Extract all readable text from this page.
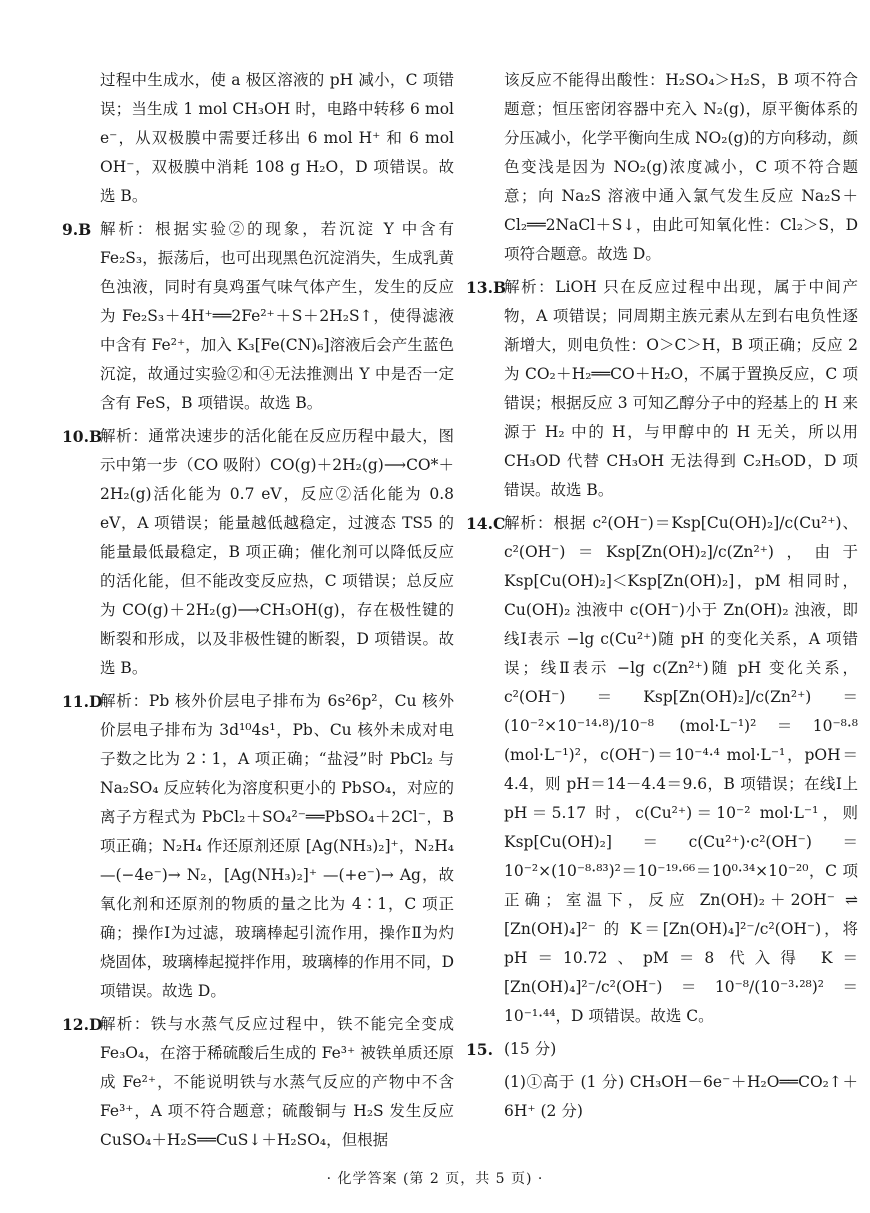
过程中生成水，使 a 极区溶液的 pH 减小，C 项错误；当生成 1 mol CH₃OH 时，电路中转移 6 mol e⁻，从双极膜中需要迁移出 6 mol H⁺ 和 6 mol OH⁻，双极膜中消耗 108 g H₂O，D 项错误。故选 B。

9.B 解析：根据实验②的现象，若沉淀 Y 中含有 Fe₂S₃，振荡后，也可出现黑色沉淀消失，生成乳黄色浊液，同时有臭鸡蛋气味气体产生，发生的反应为 Fe₂S₃＋4H⁺══2Fe²⁺＋S＋2H₂S↑，使得滤液中含有 Fe²⁺，加入 K₃[Fe(CN)₆]溶液后会产生蓝色沉淀，故通过实验②和④无法推测出 Y 中是否一定含有 FeS，B 项错误。故选 B。
10.B
解析：通常决速步的活化能在反应历程中最大，图示中第一步（CO 吸附）CO(g)＋2H₂(g)⟶CO*＋2H₂(g)活化能为 0.7 eV，反应②活化能为 0.8 eV，A 项错误；能量越低越稳定，过渡态 TS5 的能量最低最稳定，B 项正确；催化剂可以降低反应的活化能，但不能改变反应热，C 项错误；总反应为 CO(g)＋2H₂(g)⟶CH₃OH(g)，存在极性键的断裂和形成，以及非极性键的断裂，D 项错误。故选 B。
11.D
解析：Pb 核外价层电子排布为 6s²6p²，Cu 核外价层电子排布为 3d¹⁰4s¹，Pb、Cu 核外未成对电子数之比为 2∶1，A 项正确；“盐浸”时 PbCl₂ 与 Na₂SO₄ 反应转化为溶度积更小的 PbSO₄，对应的离子方程式为 PbCl₂＋SO₄²⁻══PbSO₄＋2Cl⁻，B 项正确；N₂H₄ 作还原剂还原 [Ag(NH₃)₂]⁺，N₂H₄ —(−4e⁻)→ N₂，[Ag(NH₃)₂]⁺ —(+e⁻)→ Ag，故氧化剂和还原剂的物质的量之比为 4∶1，C 项正确；操作Ⅰ为过滤，玻璃棒起引流作用，操作Ⅱ为灼烧固体，玻璃棒起搅拌作用，玻璃棒的作用不同，D 项错误。故选 D。
12.D
解析：铁与水蒸气反应过程中，铁不能完全变成 Fe₃O₄，在溶于稀硫酸后生成的 Fe³⁺ 被铁单质还原成 Fe²⁺，不能说明铁与水蒸气反应的产物中不含 Fe³⁺，A 项不符合题意；硫酸铜与 H₂S 发生反应 CuSO₄＋H₂S══CuS↓＋H₂SO₄，但根据

该反应不能得出酸性：H₂SO₄＞H₂S，B 项不符合题意；恒压密闭容器中充入 N₂(g)，原平衡体系的分压减小，化学平衡向生成 NO₂(g)的方向移动，颜色变浅是因为 NO₂(g)浓度减小，C 项不符合题意；向 Na₂S 溶液中通入氯气发生反应 Na₂S＋Cl₂══2NaCl＋S↓，由此可知氧化性：Cl₂＞S，D 项符合题意。故选 D。

13.B
解析：LiOH 只在反应过程中出现，属于中间产物，A 项错误；同周期主族元素从左到右电负性逐渐增大，则电负性：O＞C＞H，B 项正确；反应 2 为 CO₂＋H₂══CO＋H₂O，不属于置换反应，C 项错误；根据反应 3 可知乙醇分子中的羟基上的 H 来源于 H₂ 中的 H，与甲醇中的 H 无关，所以用 CH₃OD 代替 CH₃OH 无法得到 C₂H₅OD，D 项错误。故选 B。
14.C
解析：根据 c²(OH⁻)＝Ksp[Cu(OH)₂]/c(Cu²⁺)、c²(OH⁻)＝Ksp[Zn(OH)₂]/c(Zn²⁺)，由于 Ksp[Cu(OH)₂]＜Ksp[Zn(OH)₂]，pM 相同时，Cu(OH)₂ 浊液中 c(OH⁻)小于 Zn(OH)₂ 浊液，即线Ⅰ表示 −lg c(Cu²⁺)随 pH 的变化关系，A 项错误；线Ⅱ表示 −lg c(Zn²⁺)随 pH 变化关系，c²(OH⁻)＝Ksp[Zn(OH)₂]/c(Zn²⁺)＝(10⁻²×10⁻¹⁴·⁸)/10⁻⁸ (mol·L⁻¹)²＝10⁻⁸·⁸ (mol·L⁻¹)²，c(OH⁻)＝10⁻⁴·⁴ mol·L⁻¹，pOH＝4.4，则 pH＝14－4.4＝9.6，B 项错误；在线Ⅰ上 pH＝5.17 时，c(Cu²⁺)＝10⁻² mol·L⁻¹，则 Ksp[Cu(OH)₂]＝c(Cu²⁺)·c²(OH⁻)＝10⁻²×(10⁻⁸·⁸³)²＝10⁻¹⁹·⁶⁶＝10⁰·³⁴×10⁻²⁰，C 项正确；室温下，反应 Zn(OH)₂＋2OH⁻ ⇌ [Zn(OH)₄]²⁻ 的 K＝[Zn(OH)₄]²⁻/c²(OH⁻)，将 pH＝10.72、pM＝8 代入得 K＝[Zn(OH)₄]²⁻/c²(OH⁻)＝10⁻⁸/(10⁻³·²⁸)²＝10⁻¹·⁴⁴，D 项错误。故选 C。
15. (15 分)

(1)①高于 (1 分) CH₃OH－6e⁻＋H₂O══CO₂↑＋6H⁺ (2 分)

· 化学答案 (第 2 页，共 5 页) ·
